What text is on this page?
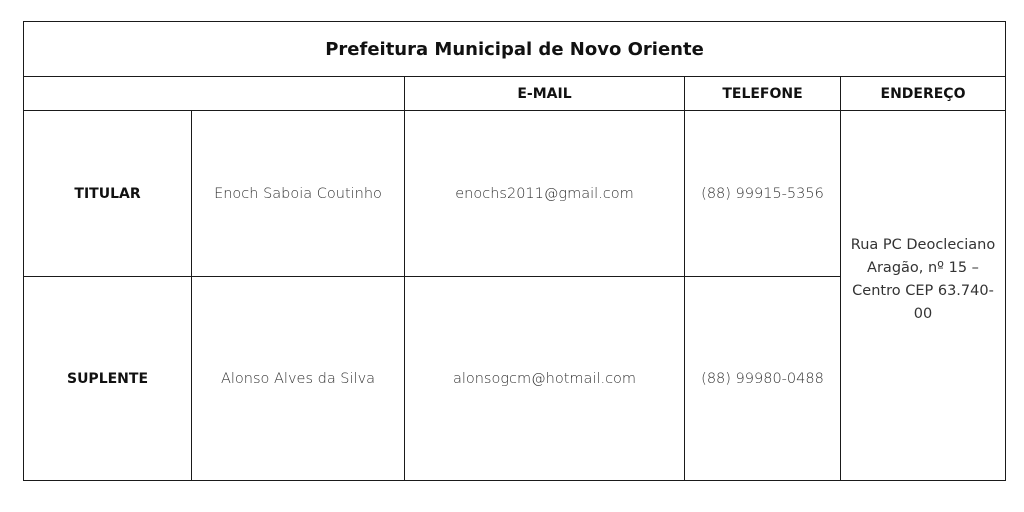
Prefeitura Municipal de Novo Oriente				
		E-MAIL	TELEFONE	ENDEREÇO
TITULAR	Enoch Saboia Coutinho	enochs2011@gmail.com	(88) 99915-5356	Rua PC Deocleciano Aragão, nº 15 – Centro CEP 63.740-00
SUPLENTE	Alonso Alves da Silva	alonsogcm@hotmail.com	(88) 99980-0488	
